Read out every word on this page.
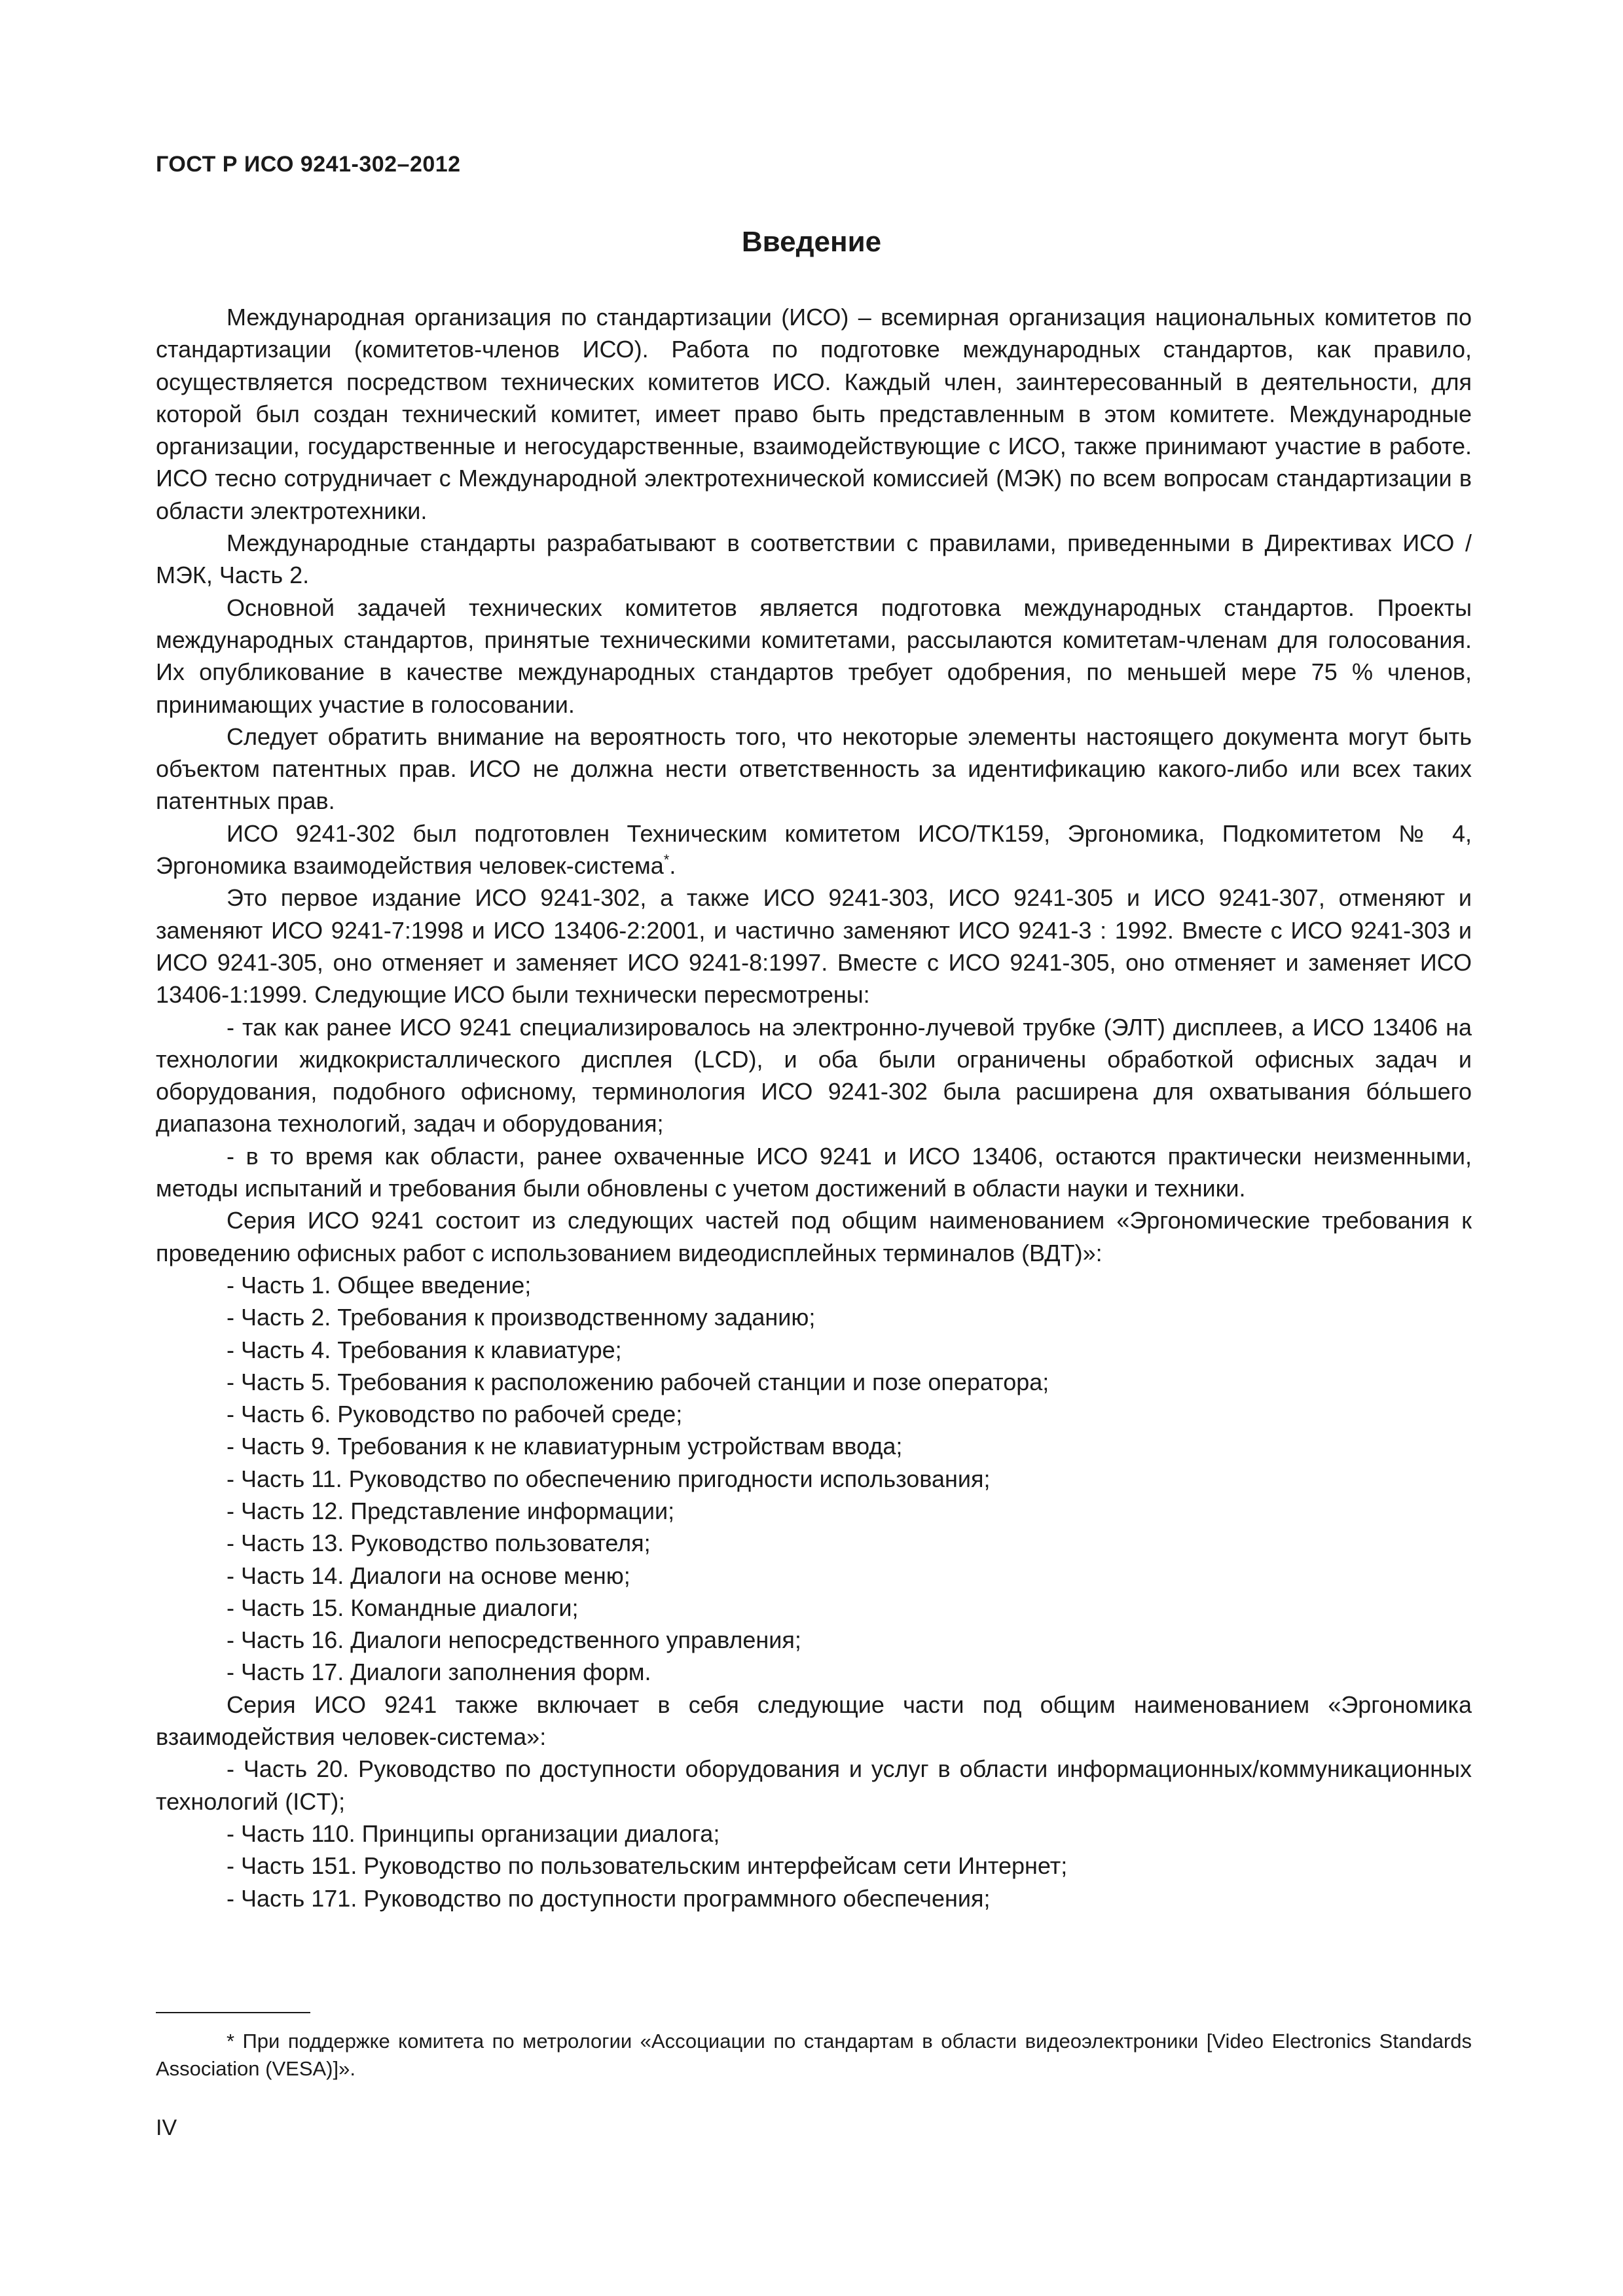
ГОСТ Р ИСО 9241-302–2012

Введение

Международная организация по стандартизации (ИСО) – всемирная организация национальных комитетов по стандартизации (комитетов-членов ИСО). Работа по подготовке международных стандартов, как правило, осуществляется посредством технических комитетов ИСО. Каждый член, заинтересованный в деятельности, для которой был создан технический комитет, имеет право быть представленным в этом комитете. Международные организации, государственные и негосударственные, взаимодействующие с ИСО, также принимают участие в работе. ИСО тесно сотрудничает с Международной электротехнической комиссией (МЭК) по всем вопросам стандартизации в области электротехники.

Международные стандарты разрабатывают в соответствии с правилами, приведенными в Директивах ИСО / МЭК, Часть 2.

Основной задачей технических комитетов является подготовка международных стандартов. Проекты международных стандартов, принятые техническими комитетами, рассылаются комитетам-членам для голосования. Их опубликование в качестве международных стандартов требует одобрения, по меньшей мере 75 % членов, принимающих участие в голосовании.

Следует обратить внимание на вероятность того, что некоторые элементы настоящего документа могут быть объектом патентных прав. ИСО не должна нести ответственность за идентификацию какого-либо или всех таких патентных прав.

ИСО 9241-302 был подготовлен Техническим комитетом ИСО/ТК159, Эргономика, Подкомитетом № 4, Эргономика взаимодействия человек-система*.

Это первое издание ИСО 9241-302, а также ИСО 9241-303, ИСО 9241-305 и ИСО 9241-307, отменяют и заменяют ИСО 9241-7:1998 и ИСО 13406-2:2001, и частично заменяют ИСО 9241-3 : 1992. Вместе с ИСО 9241-303 и ИСО 9241-305, оно отменяет и заменяет ИСО 9241-8:1997. Вместе с ИСО 9241-305, оно отменяет и заменяет ИСО 13406-1:1999. Следующие ИСО были технически пересмотрены:

- так как ранее ИСО 9241 специализировалось на электронно-лучевой трубке (ЭЛТ) дисплеев, а ИСО 13406 на технологии жидкокристаллического дисплея (LCD), и оба были ограничены обработкой офисных задач и оборудования, подобного офисному, терминология ИСО 9241-302 была расширена для охватывания бо́льшего диапазона технологий, задач и оборудования;

- в то время как области, ранее охваченные ИСО 9241 и ИСО 13406, остаются практически неизменными, методы испытаний и требования были обновлены с учетом достижений в области науки и техники.

Серия ИСО 9241 состоит из следующих частей под общим наименованием «Эргономические требования к проведению офисных работ с использованием видеодисплейных терминалов (ВДТ)»:

- Часть 1. Общее введение;

- Часть 2. Требования к производственному заданию;

- Часть 4. Требования к клавиатуре;

- Часть 5. Требования к расположению рабочей станции и позе оператора;

- Часть 6. Руководство по рабочей среде;

- Часть 9. Требования к не клавиатурным устройствам ввода;

- Часть 11. Руководство по обеспечению пригодности использования;

- Часть 12. Представление информации;

- Часть 13. Руководство пользователя;

- Часть 14. Диалоги на основе меню;

- Часть 15. Командные диалоги;

- Часть 16. Диалоги непосредственного управления;

- Часть 17. Диалоги заполнения форм.

Серия ИСО 9241 также включает в себя следующие части под общим наименованием «Эргономика взаимодействия человек-система»:

- Часть 20. Руководство по доступности оборудования и услуг в области информационных/коммуникационных технологий (ICT);

- Часть 110. Принципы организации диалога;

- Часть 151. Руководство по пользовательским интерфейсам сети Интернет;

- Часть 171. Руководство по доступности программного обеспечения;

* При поддержке комитета по метрологии «Ассоциации по стандартам в области видеоэлектроники [Video Electronics Standards Association (VESA)]».

IV
